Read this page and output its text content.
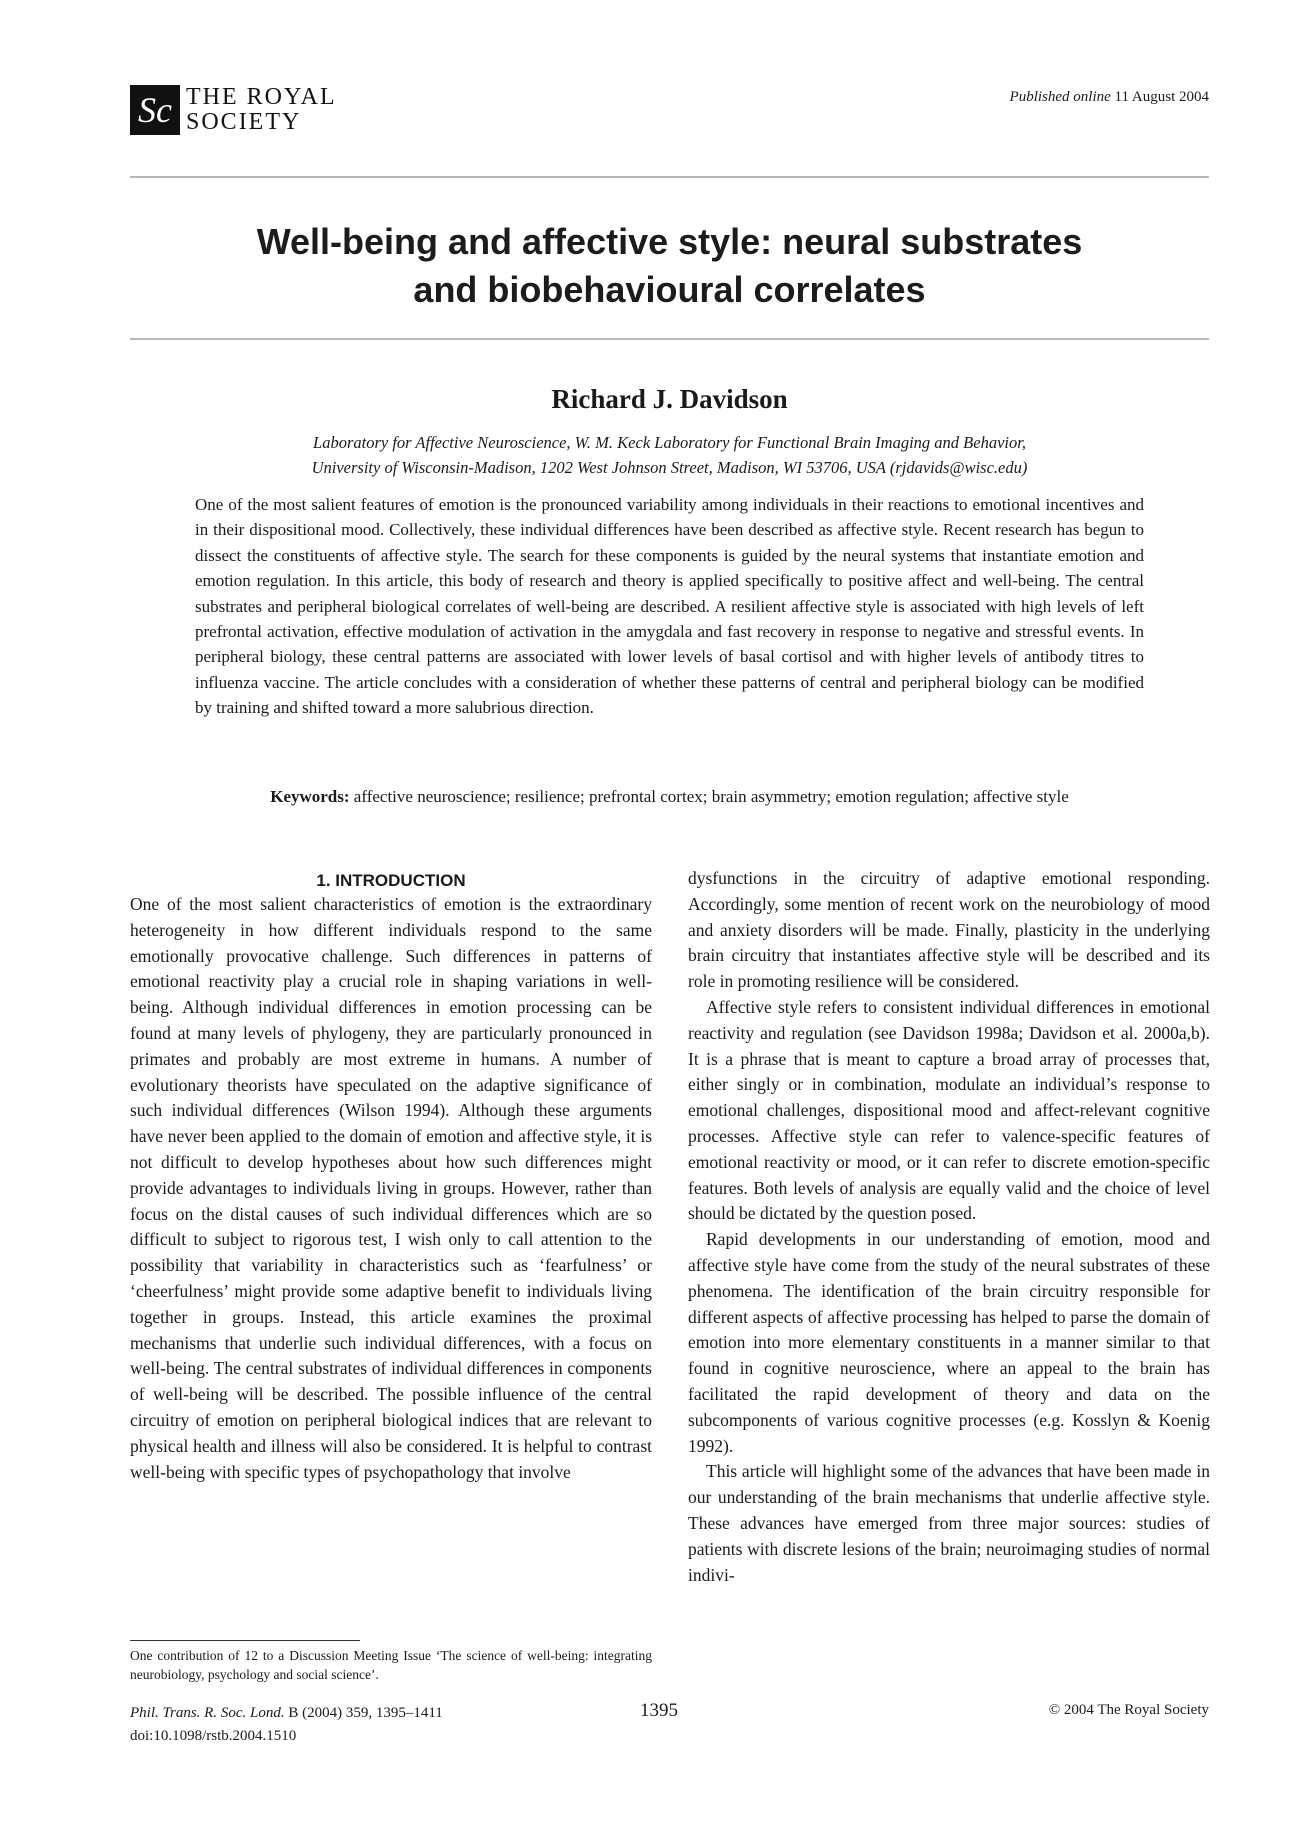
Sc THE ROYAL
SOCIETY
Published online 11 August 2004
Well-being and affective style: neural substrates
and biobehavioural correlates
Richard J. Davidson
Laboratory for Affective Neuroscience, W. M. Keck Laboratory for Functional Brain Imaging and Behavior,
University of Wisconsin-Madison, 1202 West Johnson Street, Madison, WI 53706, USA (rjdavids@wisc.edu)
One of the most salient features of emotion is the pronounced variability among individuals in their reactions to emotional incentives and in their dispositional mood. Collectively, these individual differences have been described as affective style. Recent research has begun to dissect the constituents of affective style. The search for these components is guided by the neural systems that instantiate emotion and emotion regulation. In this article, this body of research and theory is applied specifically to positive affect and well-being. The central substrates and peripheral biological correlates of well-being are described. A resilient affective style is associated with high levels of left prefrontal activation, effective modulation of activation in the amygdala and fast recovery in response to negative and stressful events. In peripheral biology, these central patterns are associated with lower levels of basal cortisol and with higher levels of antibody titres to influenza vaccine. The article concludes with a consideration of whether these patterns of central and peripheral biology can be modified by training and shifted toward a more salubrious direction.
Keywords: affective neuroscience; resilience; prefrontal cortex; brain asymmetry; emotion regulation; affective style
1. INTRODUCTION

One of the most salient characteristics of emotion is the extraordinary heterogeneity in how different individuals respond to the same emotionally provocative challenge. Such differences in patterns of emotional reactivity play a crucial role in shaping variations in well-being. Although individual differences in emotion processing can be found at many levels of phylogeny, they are particularly pronounced in primates and probably are most extreme in humans. A number of evolutionary theorists have speculated on the adaptive significance of such individual differences (Wilson 1994). Although these arguments have never been applied to the domain of emotion and affective style, it is not difficult to develop hypotheses about how such differences might provide advantages to individuals living in groups. However, rather than focus on the distal causes of such individual differences which are so difficult to subject to rigorous test, I wish only to call attention to the possibility that variability in characteristics such as ‘fearfulness’ or ‘cheerfulness’ might provide some adaptive benefit to individuals living together in groups. Instead, this article examines the proximal mechanisms that underlie such individual differences, with a focus on well-being. The central substrates of individual differences in components of well-being will be described. The possible influence of the central circuitry of emotion on peripheral biological indices that are relevant to physical health and illness will also be considered. It is helpful to contrast well-being with specific types of psychopathology that involve

dysfunctions in the circuitry of adaptive emotional responding. Accordingly, some mention of recent work on the neurobiology of mood and anxiety disorders will be made. Finally, plasticity in the underlying brain circuitry that instantiates affective style will be described and its role in promoting resilience will be considered.

Affective style refers to consistent individual differences in emotional reactivity and regulation (see Davidson 1998a; Davidson et al. 2000a,b). It is a phrase that is meant to capture a broad array of processes that, either singly or in combination, modulate an individual’s response to emotional challenges, dispositional mood and affect-relevant cognitive processes. Affective style can refer to valence-specific features of emotional reactivity or mood, or it can refer to discrete emotion-specific features. Both levels of analysis are equally valid and the choice of level should be dictated by the question posed.

Rapid developments in our understanding of emotion, mood and affective style have come from the study of the neural substrates of these phenomena. The identification of the brain circuitry responsible for different aspects of affective processing has helped to parse the domain of emotion into more elementary constituents in a manner similar to that found in cognitive neuroscience, where an appeal to the brain has facilitated the rapid development of theory and data on the subcomponents of various cognitive processes (e.g. Kosslyn & Koenig 1992).

This article will highlight some of the advances that have been made in our understanding of the brain mechanisms that underlie affective style. These advances have emerged from three major sources: studies of patients with discrete lesions of the brain; neuroimaging studies of normal indivi-

One contribution of 12 to a Discussion Meeting Issue ‘The science of well-being: integrating neurobiology, psychology and social science’.
Phil. Trans. R. Soc. Lond. B (2004) 359, 1395–1411
doi:10.1098/rstb.2004.1510
1395	© 2004 The Royal Society
